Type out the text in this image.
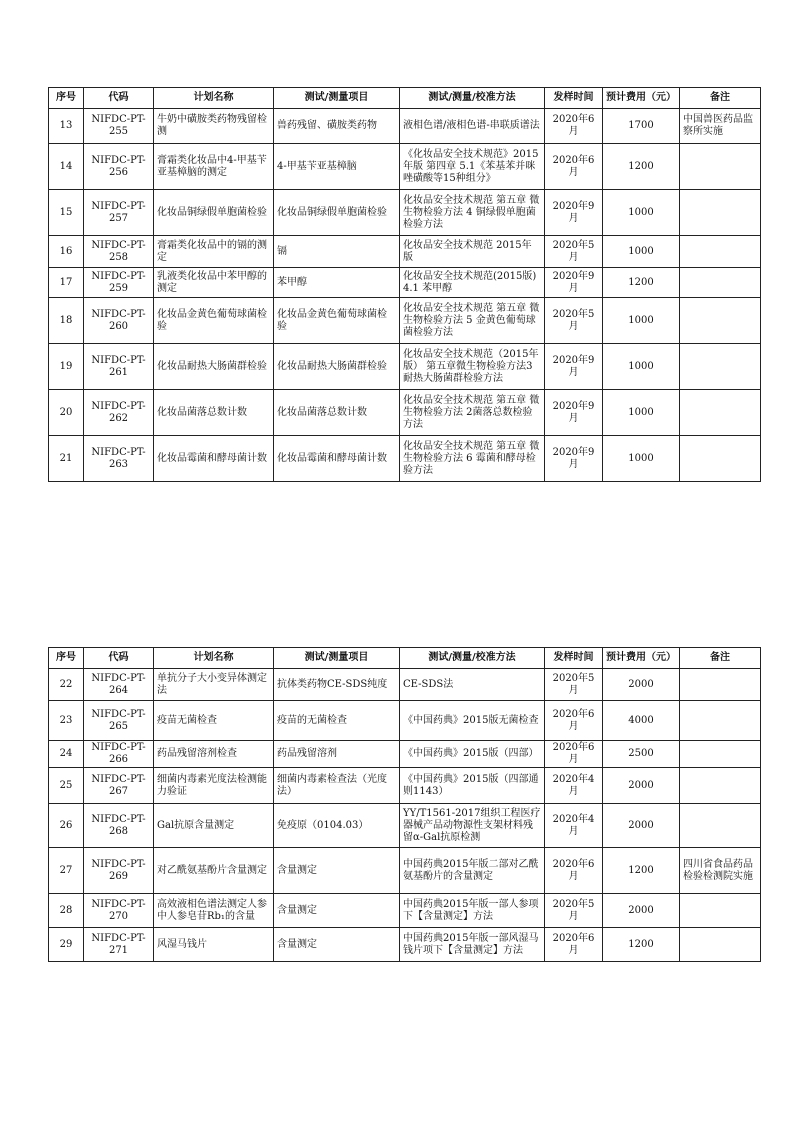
序号	代码	计划名称	测试/测量项目	测试/测量/校准方法	发样时间	预计费用（元）	备注
13	NIFDC-PT-255	牛奶中磺胺类药物残留检测	兽药残留、磺胺类药物	液相色谱/液相色谱-串联质谱法	2020年6月	1700	中国兽医药品监察所实施
14	NIFDC-PT-256	膏霜类化妆品中4-甲基苄亚基樟脑的测定	4-甲基苄亚基樟脑	《化妆品安全技术规范》2015年版 第四章 5.1《苯基苯并咪唑磺酸等15种组分》	2020年6月	1200	
15	NIFDC-PT-257	化妆品铜绿假单胞菌检验	化妆品铜绿假单胞菌检验	化妆品安全技术规范 第五章 微生物检验方法 4 铜绿假单胞菌检验方法	2020年9月	1000	
16	NIFDC-PT-258	膏霜类化妆品中的镉的测定	镉	化妆品安全技术规范 2015年版	2020年5月	1000	
17	NIFDC-PT-259	乳液类化妆品中苯甲醇的测定	苯甲醇	化妆品安全技术规范(2015版) 4.1 苯甲醇	2020年9月	1200	
18	NIFDC-PT-260	化妆品金黄色葡萄球菌检验	化妆品金黄色葡萄球菌检验	化妆品安全技术规范 第五章 微生物检验方法 5 金黄色葡萄球菌检验方法	2020年5月	1000	
19	NIFDC-PT-261	化妆品耐热大肠菌群检验	化妆品耐热大肠菌群检验	化妆品安全技术规范（2015年版） 第五章微生物检验方法3 耐热大肠菌群检验方法	2020年9月	1000	
20	NIFDC-PT-262	化妆品菌落总数计数	化妆品菌落总数计数	化妆品安全技术规范 第五章 微生物检验方法 2菌落总数检验方法	2020年9月	1000	
21	NIFDC-PT-263	化妆品霉菌和酵母菌计数	化妆品霉菌和酵母菌计数	化妆品安全技术规范 第五章 微生物检验方法 6 霉菌和酵母检验方法	2020年9月	1000	
序号	代码	计划名称	测试/测量项目	测试/测量/校准方法	发样时间	预计费用（元）	备注
22	NIFDC-PT-264	单抗分子大小变异体测定法	抗体类药物CE-SDS纯度	CE-SDS法	2020年5月	2000	
23	NIFDC-PT-265	疫苗无菌检查	疫苗的无菌检查	《中国药典》2015版无菌检查	2020年6月	4000	
24	NIFDC-PT-266	药品残留溶剂检查	药品残留溶剂	《中国药典》2015版（四部）	2020年6月	2500	
25	NIFDC-PT-267	细菌内毒素光度法检测能力验证	细菌内毒素检查法（光度法）	《中国药典》2015版（四部通则1143）	2020年4月	2000	
26	NIFDC-PT-268	Gal抗原含量测定	免疫原（0104.03）	YY/T1561-2017组织工程医疗器械产品动物源性支架材料残留α-Gal抗原检测	2020年4月	2000	
27	NIFDC-PT-269	对乙酰氨基酚片含量测定	含量测定	中国药典2015年版二部对乙酰氨基酚片的含量测定	2020年6月	1200	四川省食品药品检验检测院实施
28	NIFDC-PT-270	高效液相色谱法测定人参中人参皂苷Rb₁的含量	含量测定	中国药典2015年版一部人参项下【含量测定】方法	2020年5月	2000	
29	NIFDC-PT-271	风湿马钱片	含量测定	中国药典2015年版一部风湿马钱片项下【含量测定】方法	2020年6月	1200	
